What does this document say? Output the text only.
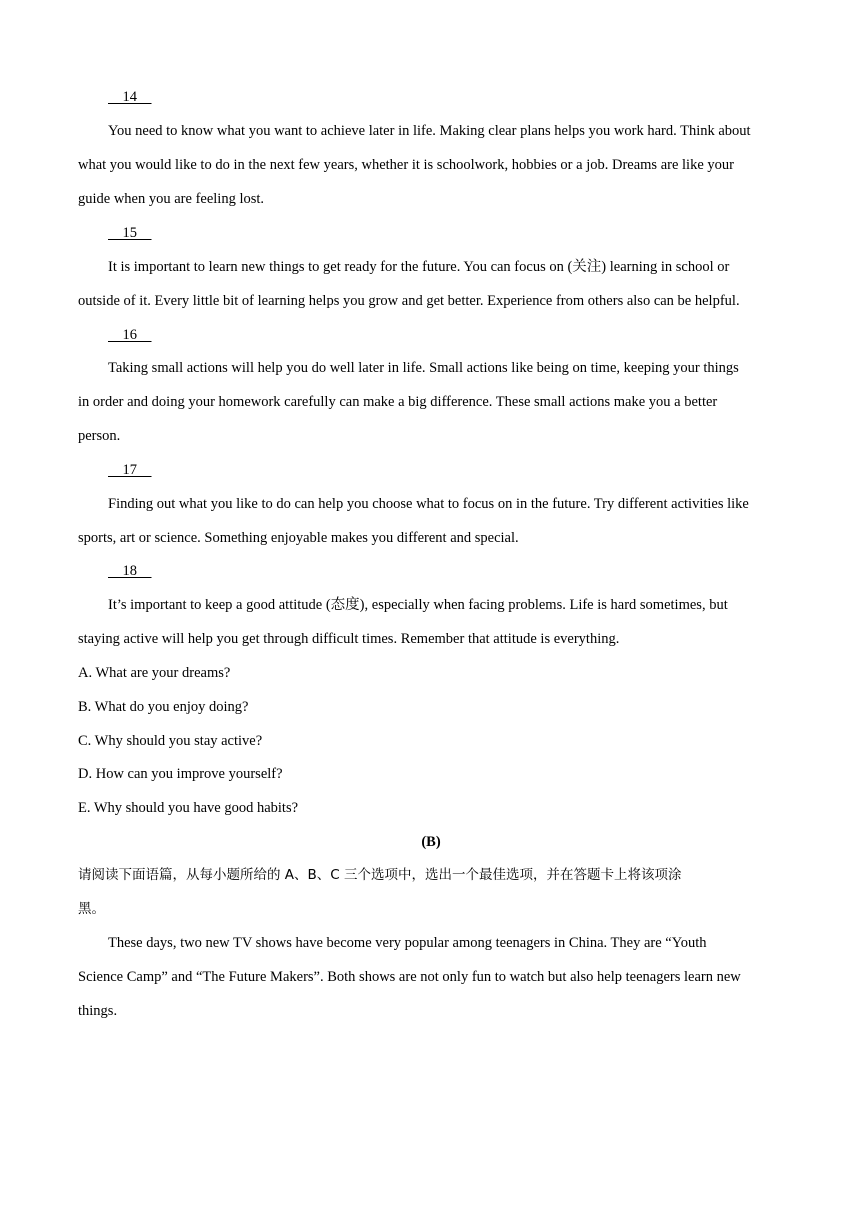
14
You need to know what you want to achieve later in life. Making clear plans helps you work hard. Think about
what you would like to do in the next few years, whether it is schoolwork, hobbies or a job. Dreams are like your
guide when you are feeling lost.
15
It is important to learn new things to get ready for the future. You can focus on (关注) learning in school or
outside of it. Every little bit of learning helps you grow and get better. Experience from others also can be helpful.
16
Taking small actions will help you do well later in life. Small actions like being on time, keeping your things
in order and doing your homework carefully can make a big difference. These small actions make you a better
person.
17
Finding out what you like to do can help you choose what to focus on in the future. Try different activities like
sports, art or science. Something enjoyable makes you different and special.
18
It’s important to keep a good attitude (态度), especially when facing problems. Life is hard sometimes, but
staying active will help you get through difficult times. Remember that attitude is everything.
A. What are your dreams?
B. What do you enjoy doing?
C. Why should you stay active?
D. How can you improve yourself?
E. Why should you have good habits?
(B)
请阅读下面语篇，从每小题所给的 A、B、C 三个选项中，选出一个最佳选项，并在答题卡上将该项涂
黑。
These days, two new TV shows have become very popular among teenagers in China. They are “Youth
Science Camp” and “The Future Makers”. Both shows are not only fun to watch but also help teenagers learn new
things.
